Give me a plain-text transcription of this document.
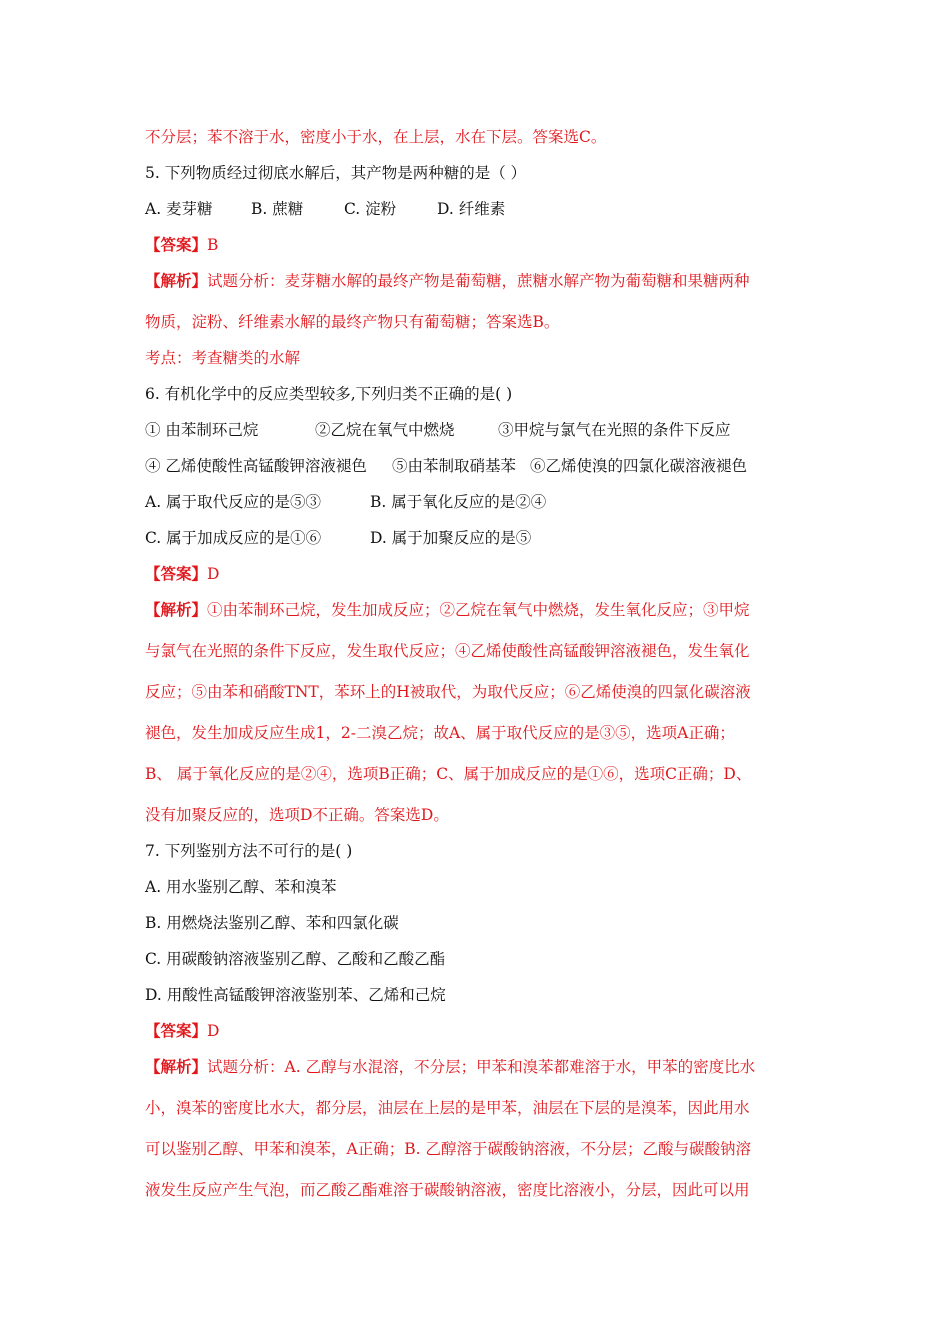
不分层；苯不溶于水，密度小于水，在上层，水在下层。答案选C。
5. 下列物质经过彻底水解后，其产物是两种糖的是（ ）
A. 麦芽糖 B. 蔗糖	C. 淀粉	D. 纤维素
【答案】B
【解析】试题分析：麦芽糖水解的最终产物是葡萄糖，蔗糖水解产物为葡萄糖和果糖两种
物质，淀粉、纤维素水解的最终产物只有葡萄糖；答案选B。
考点：考查糖类的水解
6. 有机化学中的反应类型较多,下列归类不正确的是( )
① 由苯制环己烷	②乙烷在氧气中燃烧	③甲烷与氯气在光照的条件下反应
④ 乙烯使酸性高锰酸钾溶液褪色 ⑤由苯制取硝基苯 ⑥乙烯使溴的四氯化碳溶液褪色
A. 属于取代反应的是⑤③	B. 属于氧化反应的是②④
C. 属于加成反应的是①⑥	D. 属于加聚反应的是⑤
【答案】D
【解析】①由苯制环己烷，发生加成反应；②乙烷在氧气中燃烧，发生氧化反应；③甲烷
与氯气在光照的条件下反应，发生取代反应；④乙烯使酸性高锰酸钾溶液褪色，发生氧化
反应；⑤由苯和硝酸TNT，苯环上的H被取代，为取代反应；⑥乙烯使溴的四氯化碳溶液
褪色，发生加成反应生成1，2-二溴乙烷；故A、属于取代反应的是③⑤，选项A正确；
B、 属于氧化反应的是②④，选项B正确；C、属于加成反应的是①⑥，选项C正确；D、
没有加聚反应的，选项D不正确。答案选D。
7. 下列鉴别方法不可行的是( )
A. 用水鉴别乙醇、苯和溴苯
B. 用燃烧法鉴别乙醇、苯和四氯化碳
C. 用碳酸钠溶液鉴别乙醇、乙酸和乙酸乙酯
D. 用酸性高锰酸钾溶液鉴别苯、乙烯和己烷
【答案】D
【解析】试题分析：A. 乙醇与水混溶，不分层；甲苯和溴苯都难溶于水，甲苯的密度比水
小，溴苯的密度比水大，都分层，油层在上层的是甲苯，油层在下层的是溴苯，因此用水
可以鉴别乙醇、甲苯和溴苯，A正确；B. 乙醇溶于碳酸钠溶液，不分层；乙酸与碳酸钠溶
液发生反应产生气泡，而乙酸乙酯难溶于碳酸钠溶液，密度比溶液小，分层，因此可以用
